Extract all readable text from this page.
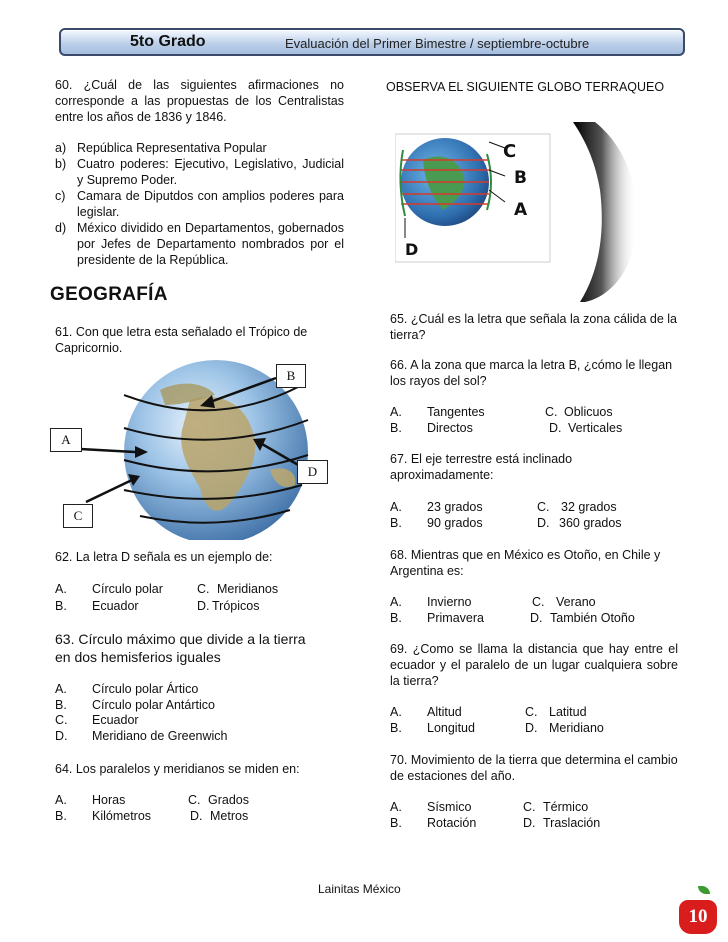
5to Grado	Evaluación del Primer Bimestre / septiembre-octubre
60. ¿Cuál de las siguientes afirmaciones no corresponde a las propuestas de los Centralistas entre los años de 1836 y 1846.
a) República Representativa Popular
b) Cuatro poderes: Ejecutivo, Legislativo, Judicial y Supremo Poder.
c) Camara de Diputdos con amplios poderes para legislar.
d) México dividido en Departamentos, gobernados por Jefes de Departamento nombrados por el presidente de la República.
GEOGRAFÍA
61. Con que letra esta señalado el Trópico de Capricornio.
B
A
D
C
62. La letra D señala es un ejemplo de:
A. Círculo polar	C. Meridianos
B. Ecuador	D. Trópicos
63. Círculo máximo que divide a la tierra
en dos hemisferios iguales
A. Círculo polar Ártico
B. Círculo polar Antártico
C. Ecuador
D. Meridiano de Greenwich
64. Los paralelos y meridianos se miden en:
A. Horas	C. Grados
B. Kilómetros	D. Metros
OBSERVA EL SIGUIENTE GLOBO TERRAQUEO
C
B
A
D
65. ¿Cuál es la letra que señala la zona cálida de la tierra?
66. A la zona que marca la letra B, ¿cómo le llegan los rayos del sol?
A. Tangentes	C. Oblicuos
B. Directos	D. Verticales
67. El eje terrestre está inclinado aproximadamente:
A. 23 grados	C. 32 grados
B. 90 grados	D. 360 grados
68. Mientras que en México es Otoño, en Chile y Argentina es:
A. Invierno	C. Verano
B. Primavera	D. También Otoño
69. ¿Como se llama la distancia que hay entre el ecuador y el paralelo de un lugar cualquiera sobre la tierra?
A. Altitud	C. Latitud
B. Longitud	D. Meridiano
70. Movimiento de la tierra que determina el cambio de estaciones del año.
A. Sísmico	C. Térmico
B. Rotación	D. Traslación
Lainitas México
10
